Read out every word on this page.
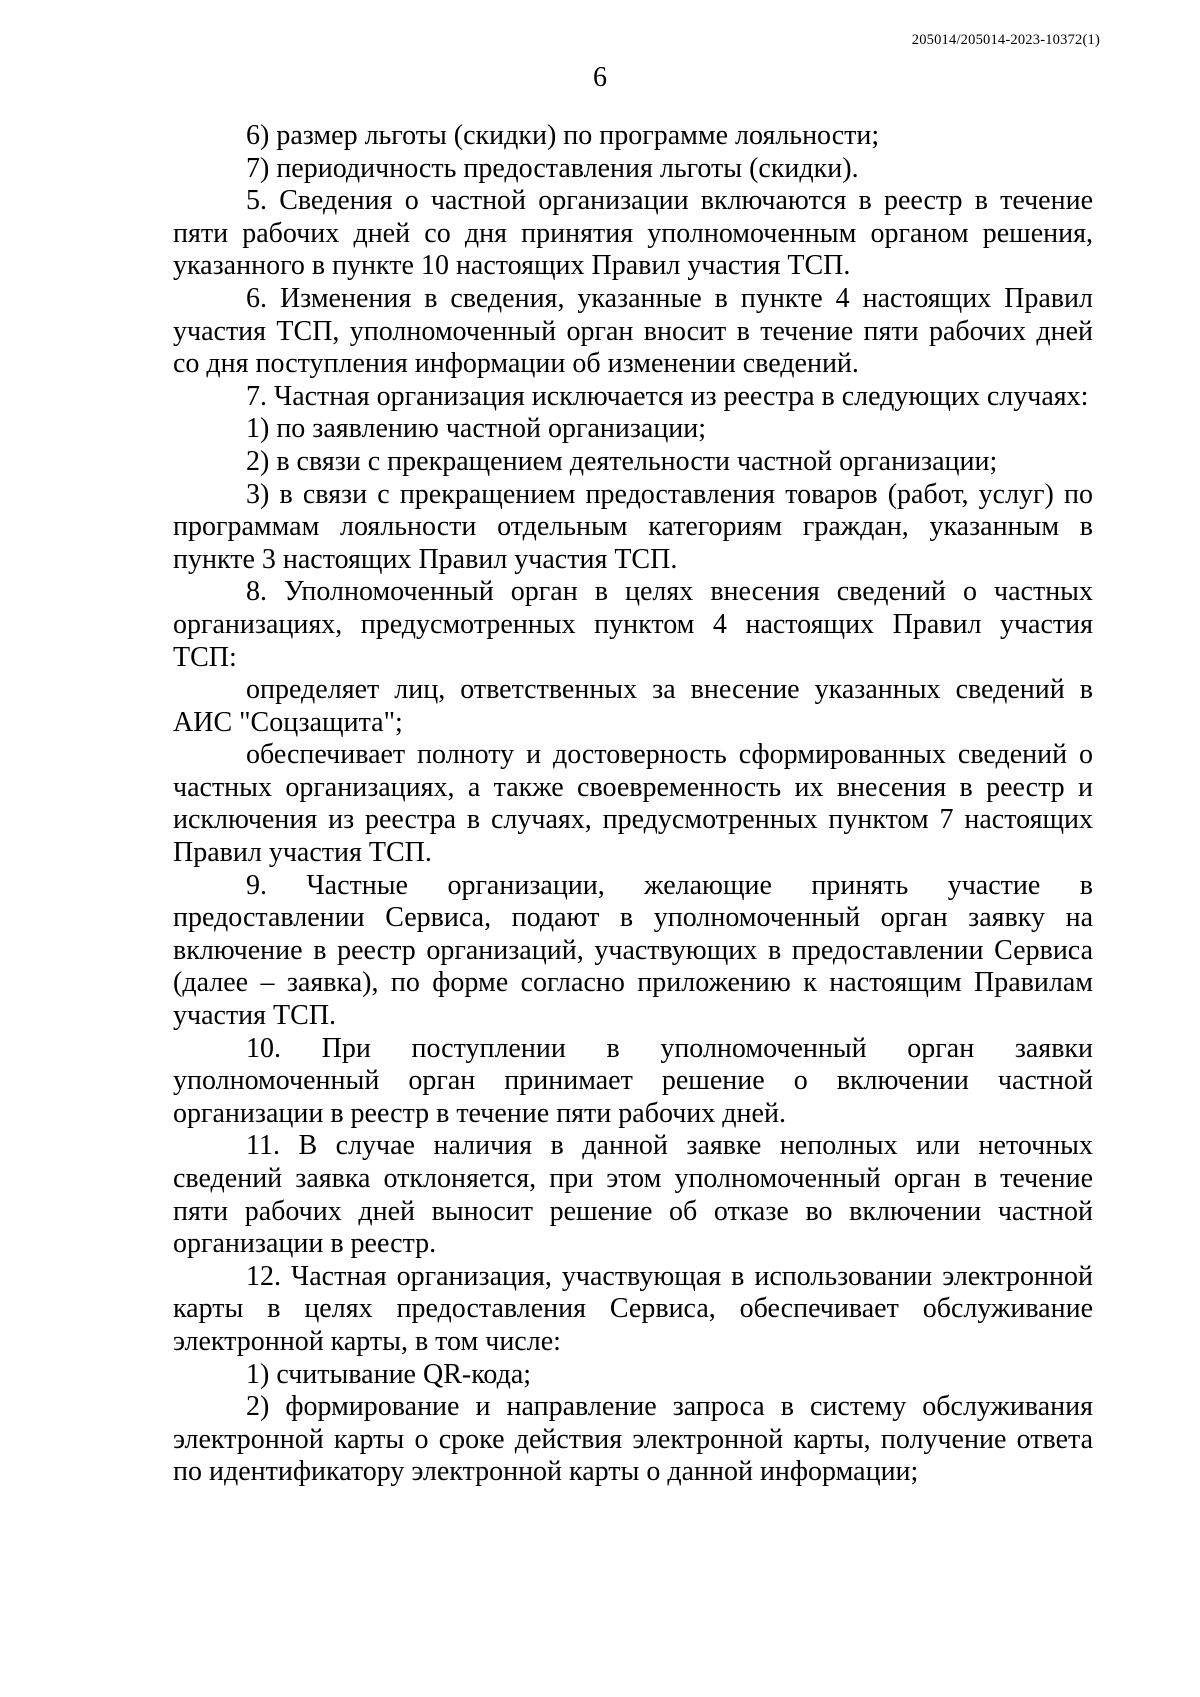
205014/205014-2023-10372(1)
6

6) размер льготы (скидки) по программе лояльности;

7) периодичность предоставления льготы (скидки).

5. Сведения о частной организации включаются в реестр в течение пяти рабочих дней со дня принятия уполномоченным органом решения, указанного в пункте 10 настоящих Правил участия ТСП.

6. Изменения в сведения, указанные в пункте 4 настоящих Правил участия ТСП, уполномоченный орган вносит в течение пяти рабочих дней со дня поступления информации об изменении сведений.

7. Частная организация исключается из реестра в следующих случаях:

1) по заявлению частной организации;

2) в связи с прекращением деятельности частной организации;

3) в связи с прекращением предоставления товаров (работ, услуг) по программам лояльности отдельным категориям граждан, указанным в пункте 3 настоящих Правил участия ТСП.

8. Уполномоченный орган в целях внесения сведений о частных организациях, предусмотренных пунктом 4 настоящих Правил участия ТСП:

определяет лиц, ответственных за внесение указанных сведений в АИС "Соцзащита";

обеспечивает полноту и достоверность сформированных сведений о частных организациях, а также своевременность их внесения в реестр и исключения из реестра в случаях, предусмотренных пунктом 7 настоящих Правил участия ТСП.

9. Частные организации, желающие принять участие в предоставлении Сервиса, подают в уполномоченный орган заявку на включение в реестр организаций, участвующих в предоставлении Сервиса (далее – заявка), по форме согласно приложению к настоящим Правилам участия ТСП.

10. При поступлении в уполномоченный орган заявки уполномоченный орган принимает решение о включении частной организации в реестр в течение пяти рабочих дней.

11. В случае наличия в данной заявке неполных или неточных сведений заявка отклоняется, при этом уполномоченный орган в течение пяти рабочих дней выносит решение об отказе во включении частной организации в реестр.

12. Частная организация, участвующая в использовании электронной карты в целях предоставления Сервиса, обеспечивает обслуживание электронной карты, в том числе:

1) считывание QR-кода;

2) формирование и направление запроса в систему обслуживания электронной карты о сроке действия электронной карты, получение ответа по идентификатору электронной карты о данной информации;
